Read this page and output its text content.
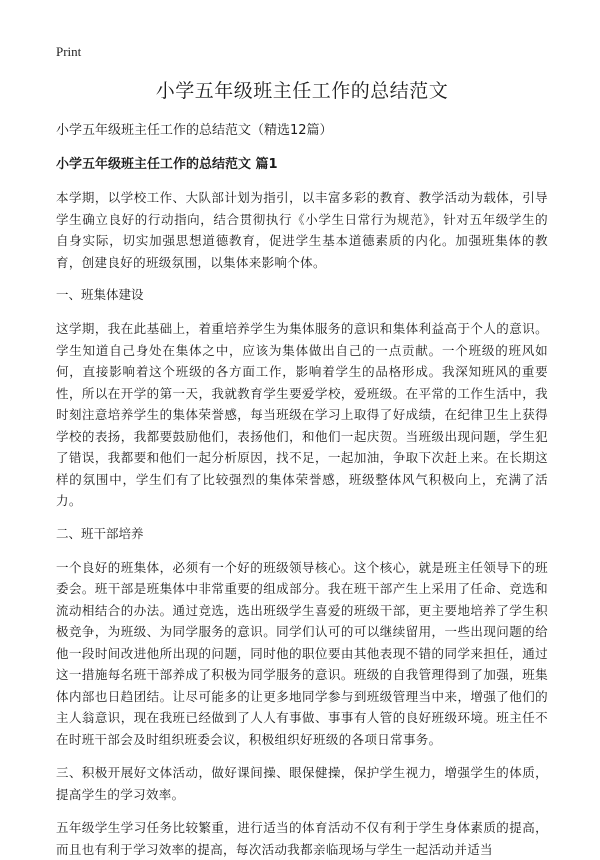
Print
小学五年级班主任工作的总结范文

小学五年级班主任工作的总结范文（精选12篇）

小学五年级班主任工作的总结范文 篇1

本学期，以学校工作、大队部计划为指引，以丰富多彩的教育、教学活动为载体，引导学生确立良好的行动指向，结合贯彻执行《小学生日常行为规范》，针对五年级学生的自身实际，切实加强思想道德教育，促进学生基本道德素质的内化。加强班集体的教育，创建良好的班级氛围，以集体来影响个体。

一、班集体建设

这学期，我在此基础上，着重培养学生为集体服务的意识和集体利益高于个人的意识。学生知道自己身处在集体之中，应该为集体做出自己的一点贡献。一个班级的班风如何，直接影响着这个班级的各方面工作，影响着学生的品格形成。我深知班风的重要性，所以在开学的第一天，我就教育学生要爱学校，爱班级。在平常的工作生活中，我时刻注意培养学生的集体荣誉感，每当班级在学习上取得了好成绩，在纪律卫生上获得学校的表扬，我都要鼓励他们，表扬他们，和他们一起庆贺。当班级出现问题，学生犯了错误，我都要和他们一起分析原因，找不足，一起加油，争取下次赶上来。在长期这样的氛围中，学生们有了比较强烈的集体荣誉感，班级整体风气积极向上，充满了活力。

二、班干部培养

一个良好的班集体，必须有一个好的班级领导核心。这个核心，就是班主任领导下的班委会。班干部是班集体中非常重要的组成部分。我在班干部产生上采用了任命、竞选和流动相结合的办法。通过竞选，选出班级学生喜爱的班级干部，更主要地培养了学生积极竞争，为班级、为同学服务的意识。同学们认可的可以继续留用，一些出现问题的给他一段时间改进他所出现的问题，同时他的职位要由其他表现不错的同学来担任，通过这一措施每名班干部养成了积极为同学服务的意识。班级的自我管理得到了加强，班集体内部也日趋团结。让尽可能多的让更多地同学参与到班级管理当中来，增强了他们的主人翁意识，现在我班已经做到了人人有事做、事事有人管的良好班级环境。班主任不在时班干部会及时组织班委会议，积极组织好班级的各项日常事务。

三、积极开展好文体活动，做好课间操、眼保健操，保护学生视力，增强学生的体质，提高学生的学习效率。

五年级学生学习任务比较繁重，进行适当的体育活动不仅有利于学生身体素质的提高，而且也有利于学习效率的提高，每次活动我都亲临现场与学生一起活动并适当
